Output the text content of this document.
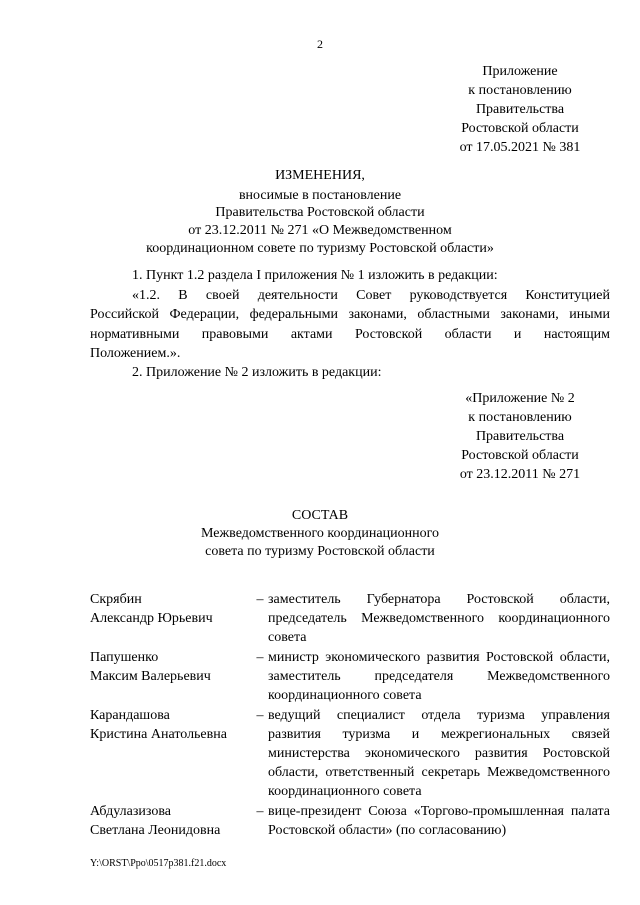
2
Приложение
к постановлению
Правительства
Ростовской области
от 17.05.2021 № 381
ИЗМЕНЕНИЯ,
вносимые в постановление
Правительства Ростовской области
от 23.12.2011 № 271 «О Межведомственном
координационном совете по туризму Ростовской области»
1. Пункт 1.2 раздела I приложения № 1 изложить в редакции:
«1.2. В своей деятельности Совет руководствуется Конституцией
Российской Федерации, федеральными законами, областными законами, иными
нормативными правовыми актами Ростовской области и настоящим
Положением.».
2. Приложение № 2 изложить в редакции:
«Приложение № 2
к постановлению
Правительства
Ростовской области
от 23.12.2011 № 271
СОСТАВ
Межведомственного координационного
совета по туризму Ростовской области
Скрябин
Александр Юрьевич
– заместитель Губернатора Ростовской области, председатель Межведомственного координационного совета
Папушенко
Максим Валерьевич
– министр экономического развития Ростовской области, заместитель председателя Межведомственного координационного совета
Карандашова
Кристина Анатольевна
– ведущий специалист отдела туризма управления развития туризма и межрегиональных связей министерства экономического развития Ростовской области, ответственный секретарь Межведомственного координационного совета
Абдулазизова
Светлана Леонидовна
– вице-президент Союза «Торгово-промышленная палата Ростовской области» (по согласованию)
Y:\ORST\Ppo\0517p381.f21.docx
